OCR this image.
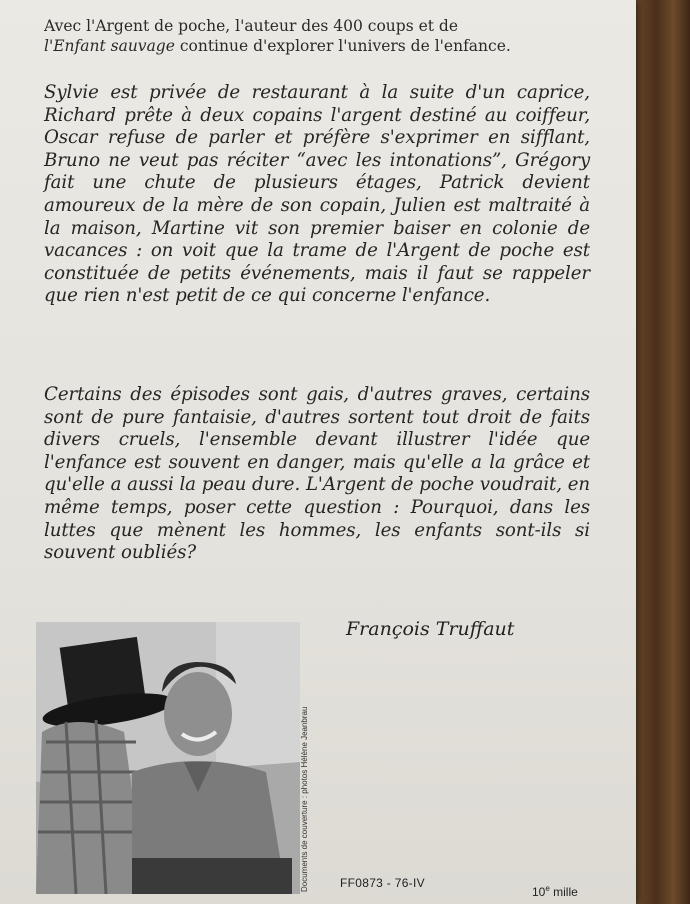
Avec l'Argent de poche, l'auteur des 400 coups et de
l'Enfant sauvage continue d'explorer l'univers de l'enfance.
Sylvie est privée de restaurant à la suite d'un caprice, Richard prête à deux copains l'argent destiné au coiffeur, Oscar refuse de parler et préfère s'exprimer en sifflant, Bruno ne veut pas réciter “avec les intonations”, Grégory fait une chute de plusieurs étages, Patrick devient amoureux de la mère de son copain, Julien est maltraité à la maison, Martine vit son premier baiser en colonie de vacances : on voit que la trame de l'Argent de poche est constituée de petits événements, mais il faut se rappeler que rien n'est petit de ce qui concerne l'enfance.
Certains des épisodes sont gais, d'autres graves, certains sont de pure fantaisie, d'autres sortent tout droit de faits divers cruels, l'ensemble devant illustrer l'idée que l'enfance est souvent en danger, mais qu'elle a la grâce et qu'elle a aussi la peau dure. L'Argent de poche voudrait, en même temps, poser cette question : Pourquoi, dans les luttes que mènent les hommes, les enfants sont-ils si souvent oubliés?
François Truffaut
Documents de couverture : photos Hélène Jeanbrau	FF0873 - 76-IV
10e mille
